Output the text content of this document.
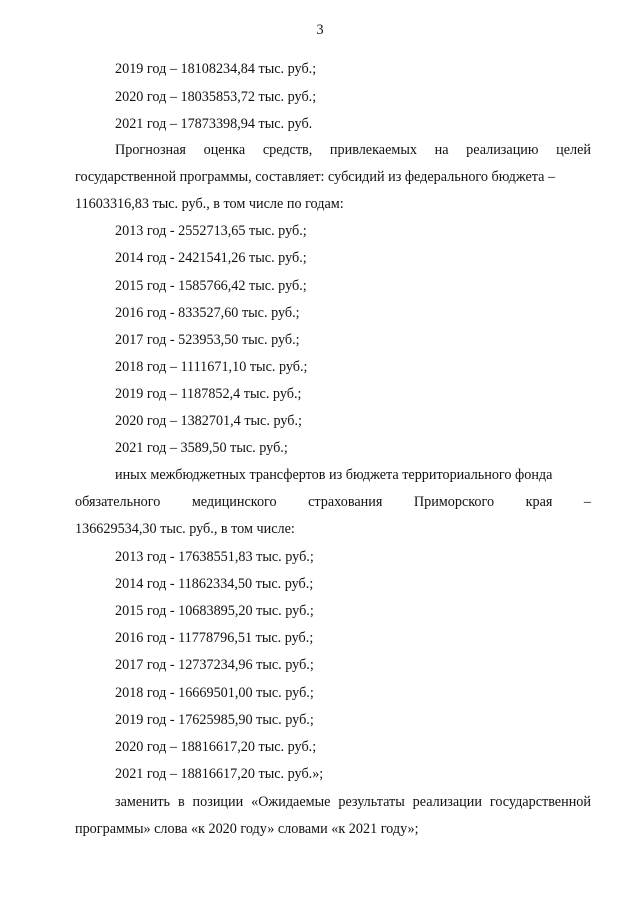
3
2019 год – 18108234,84 тыс. руб.;
2020 год – 18035853,72 тыс. руб.;
2021 год – 17873398,94 тыс. руб.
Прогнозная оценка средств, привлекаемых на реализацию целей
государственной программы, составляет: субсидий из федерального бюджета –
11603316,83 тыс. руб., в том числе по годам:
2013 год - 2552713,65 тыс. руб.;
2014 год - 2421541,26 тыс. руб.;
2015 год - 1585766,42 тыс. руб.;
2016 год - 833527,60 тыс. руб.;
2017 год - 523953,50 тыс. руб.;
2018 год – 1111671,10 тыс. руб.;
2019 год – 1187852,4 тыс. руб.;
2020 год – 1382701,4 тыс. руб.;
2021 год – 3589,50 тыс. руб.;
иных межбюджетных трансфертов из бюджета территориального фонда
обязательного медицинского страхования Приморского края –
136629534,30 тыс. руб., в том числе:
2013 год - 17638551,83 тыс. руб.;
2014 год - 11862334,50 тыс. руб.;
2015 год - 10683895,20 тыс. руб.;
2016 год - 11778796,51 тыс. руб.;
2017 год - 12737234,96 тыс. руб.;
2018 год - 16669501,00 тыс. руб.;
2019 год - 17625985,90 тыс. руб.;
2020 год – 18816617,20 тыс. руб.;
2021 год – 18816617,20 тыс. руб.»;
заменить в позиции «Ожидаемые результаты реализации государственной
программы» слова «к 2020 году» словами «к 2021 году»;
